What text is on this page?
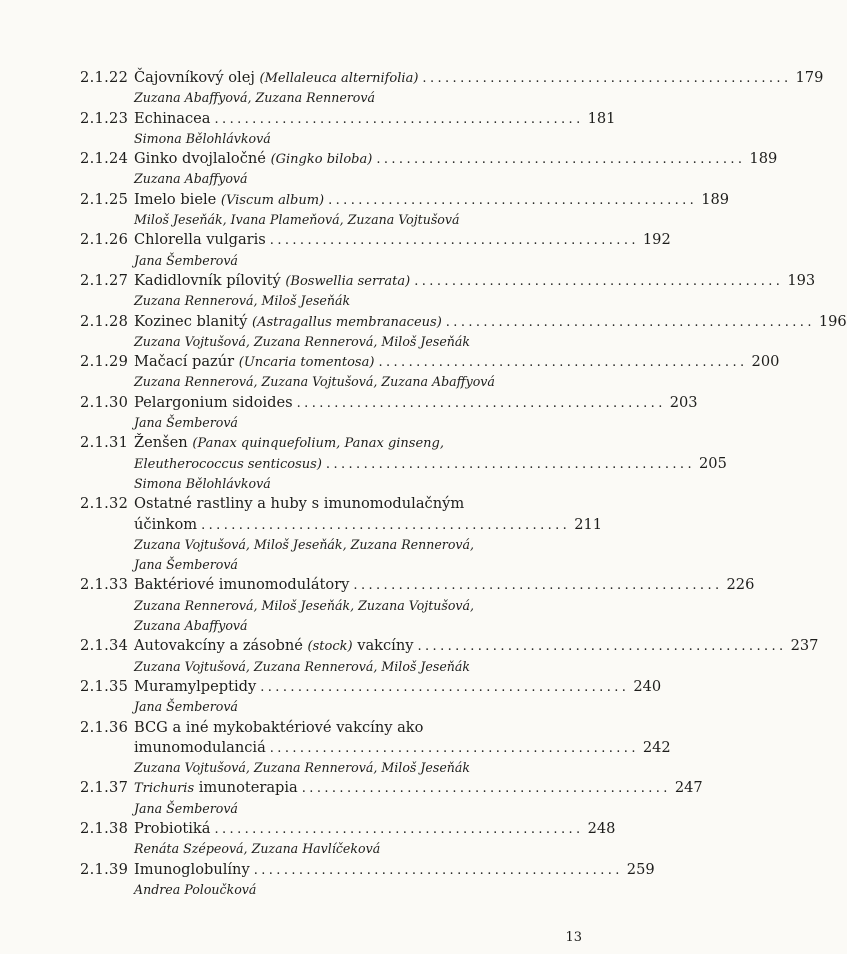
2.1.22 Čajovníkový olej (Mellaleuca alternifolia) ................................................. 179
Zuzana Abaffyová, Zuzana Rennerová
2.1.23 Echinacea ................................................. 181
Simona Bělohlávková
2.1.24 Ginko dvojlaločné (Gingko biloba) ................................................. 189
Zuzana Abaffyová
2.1.25 Imelo biele (Viscum album) ................................................. 189
Miloš Jeseňák, Ivana Plameňová, Zuzana Vojtušová
2.1.26 Chlorella vulgaris ................................................. 192
Jana Šemberová
2.1.27 Kadidlovník pílovitý (Boswellia serrata) ................................................. 193
Zuzana Rennerová, Miloš Jeseňák
2.1.28 Kozinec blanitý (Astragallus membranaceus) ................................................. 196
Zuzana Vojtušová, Zuzana Rennerová, Miloš Jeseňák
2.1.29 Mačací pazúr (Uncaria tomentosa) ................................................. 200
Zuzana Rennerová, Zuzana Vojtušová, Zuzana Abaffyová
2.1.30 Pelargonium sidoides ................................................. 203
Jana Šemberová
2.1.31 Ženšen (Panax quinquefolium, Panax ginseng,
Eleutherococcus senticosus) ................................................. 205
Simona Bělohlávková
2.1.32 Ostatné rastliny a huby s imunomodulačným
účinkom ................................................. 211
Zuzana Vojtušová, Miloš Jeseňák, Zuzana Rennerová,
Jana Šemberová
2.1.33 Baktériové imunomodulátory ................................................. 226
Zuzana Rennerová, Miloš Jeseňák, Zuzana Vojtušová,
Zuzana Abaffyová
2.1.34 Autovakcíny a zásobné (stock) vakcíny ................................................. 237
Zuzana Vojtušová, Zuzana Rennerová, Miloš Jeseňák
2.1.35 Muramylpeptidy ................................................. 240
Jana Šemberová
2.1.36 BCG a iné mykobaktériové vakcíny ako
imunomodulanciá ................................................. 242
Zuzana Vojtušová, Zuzana Rennerová, Miloš Jeseňák
2.1.37 Trichuris imunoterapia ................................................. 247
Jana Šemberová
2.1.38 Probiotiká ................................................. 248
Renáta Szépeová, Zuzana Havlíčeková
2.1.39 Imunoglobulíny ................................................. 259
Andrea Poloučková
13
